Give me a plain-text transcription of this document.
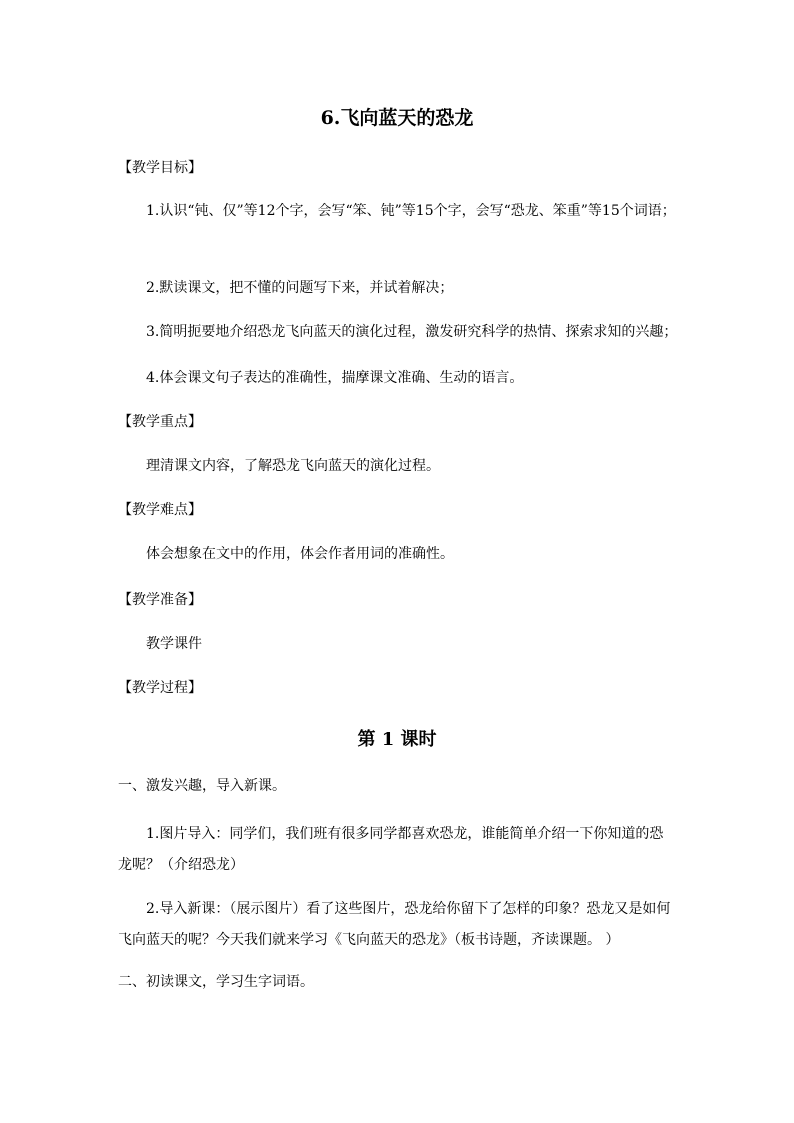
6.飞向蓝天的恐龙
【教学目标】
1.认识“钝、仅”等12个字，会写“笨、钝”等15个字，会写“恐龙、笨重”等15个词语；
2.默读课文，把不懂的问题写下来，并试着解决；
3.简明扼要地介绍恐龙飞向蓝天的演化过程，激发研究科学的热情、探索求知的兴趣；
4.体会课文句子表达的准确性，揣摩课文准确、生动的语言。
【教学重点】
理清课文内容，了解恐龙飞向蓝天的演化过程。
【教学难点】
体会想象在文中的作用，体会作者用词的准确性。
【教学准备】
教学课件
【教学过程】
第 1 课时
一、激发兴趣，导入新课。
1.图片导入：同学们，我们班有很多同学都喜欢恐龙，谁能简单介绍一下你知道的恐龙呢？（介绍恐龙）
2.导入新课：（展示图片）看了这些图片，恐龙给你留下了怎样的印象？恐龙又是如何飞向蓝天的呢？今天我们就来学习《飞向蓝天的恐龙》（板书诗题，齐读课题。 ）
二、初读课文，学习生字词语。
